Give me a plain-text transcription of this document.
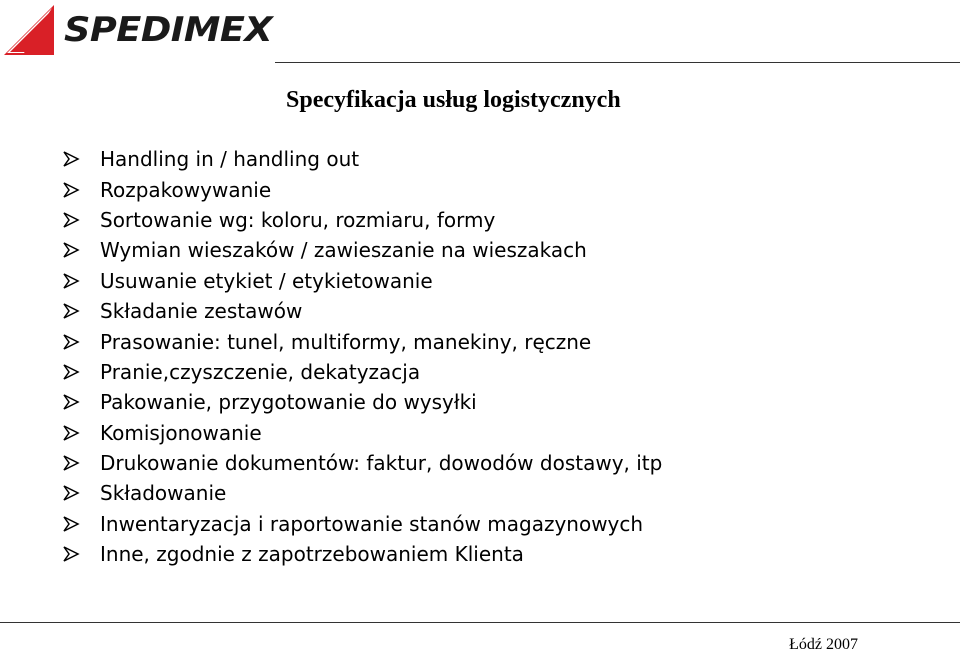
SPEDIMEX
Specyfikacja usług logistycznych
Handling in / handling out
Rozpakowywanie
Sortowanie wg: koloru, rozmiaru, formy
Wymian wieszaków / zawieszanie na wieszakach
Usuwanie etykiet / etykietowanie
Składanie zestawów
Prasowanie: tunel, multiformy, manekiny, ręczne
Pranie,czyszczenie, dekatyzacja
Pakowanie, przygotowanie do wysyłki
Komisjonowanie
Drukowanie dokumentów: faktur, dowodów dostawy, itp
Składowanie
Inwentaryzacja i raportowanie stanów magazynowych
Inne, zgodnie z zapotrzebowaniem Klienta
Łódź 2007
